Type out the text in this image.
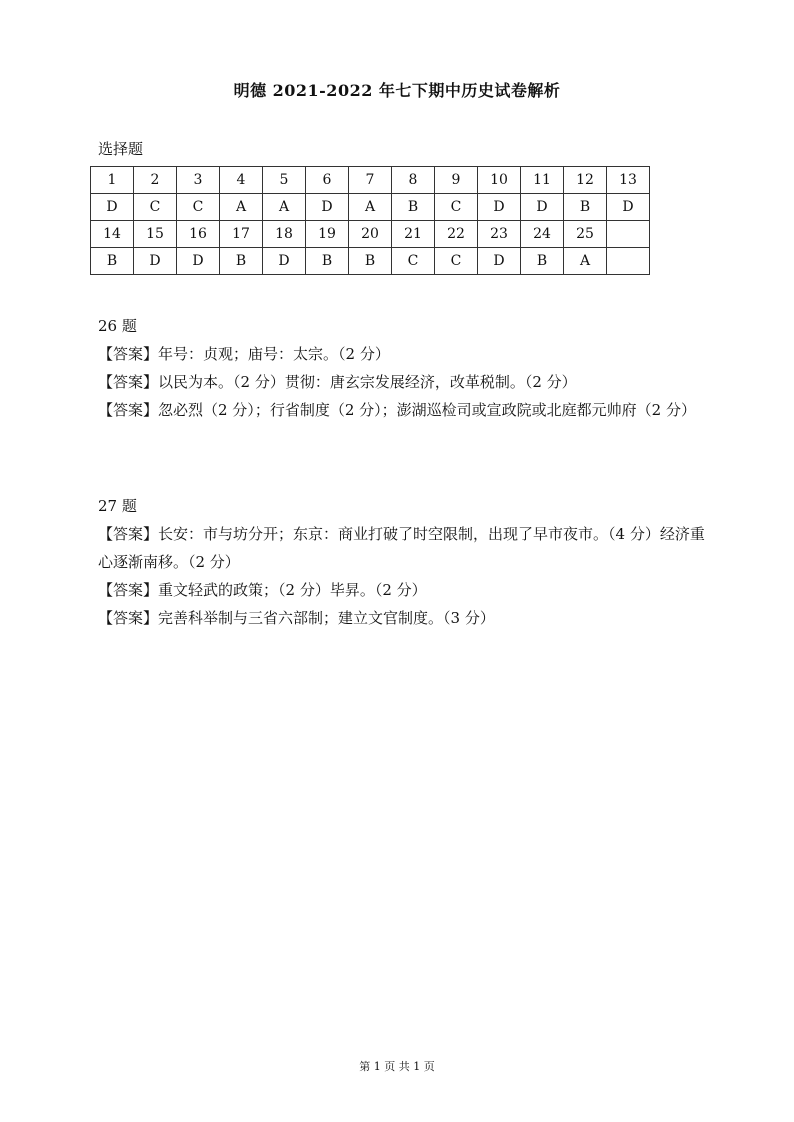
明德 2021-2022 年七下期中历史试卷解析
选择题
1	2	3	4	5	6	7	8	9	10	11	12	13
D	C	C	A	A	D	A	B	C	D	D	B	D
14	15	16	17	18	19	20	21	22	23	24	25	
B	D	D	B	D	B	B	C	C	D	B	A	

26 题

【答案】年号：贞观；庙号：太宗。（2 分）

【答案】以民为本。（2 分）贯彻：唐玄宗发展经济，改革税制。（2 分）

【答案】忽必烈（2 分）；行省制度（2 分）；澎湖巡检司或宣政院或北庭都元帅府（2 分）

27 题

【答案】长安：市与坊分开；东京：商业打破了时空限制，出现了早市夜市。（4 分）经济重心逐渐南移。（2 分）

【答案】重文轻武的政策；（2 分）毕昇。（2 分）

【答案】完善科举制与三省六部制；建立文官制度。（3 分）

第 1 页 共 1 页
